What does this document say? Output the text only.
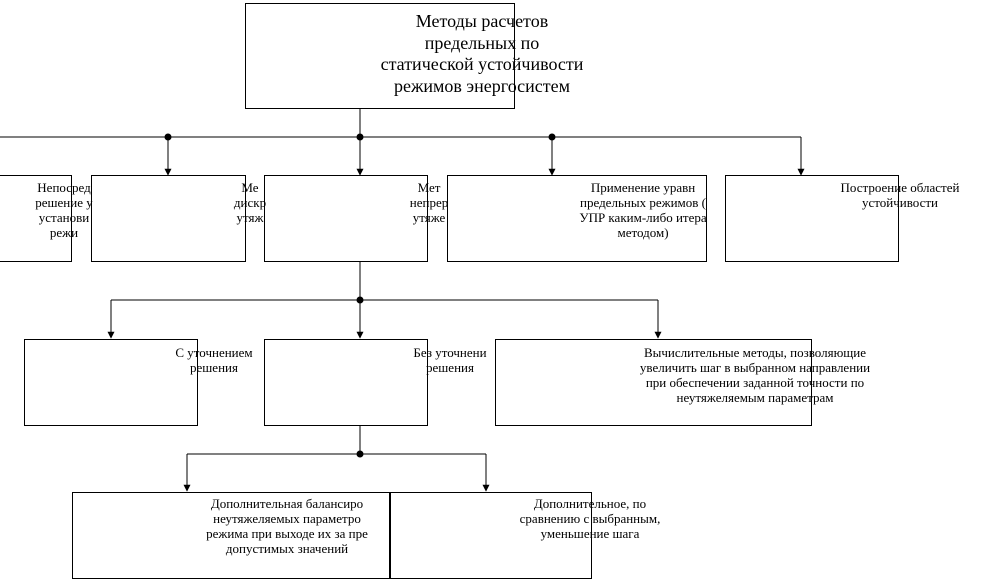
Методы расчетов
предельных по
статической устойчивости
режимов энергосистем
Непосред
решение у
установи
режи
Ме
дискр
утяж
Мет
непрер
утяже
Применение уравн
предельных режимов (
УПР каким-либо итера
методом)
Построение областей
устойчивости
С уточнением
решения
Без уточнени
решения
Вычислительные методы, позволяющие
увеличить шаг в выбранном направлении
при обеспечении заданной точности по
неутяжеляемым параметрам
Дополнительная балансиро
неутяжеляемых параметро
режима при выходе их за пре
допустимых значений
Дополнительное, по
сравнению с выбранным,
уменьшение шага
